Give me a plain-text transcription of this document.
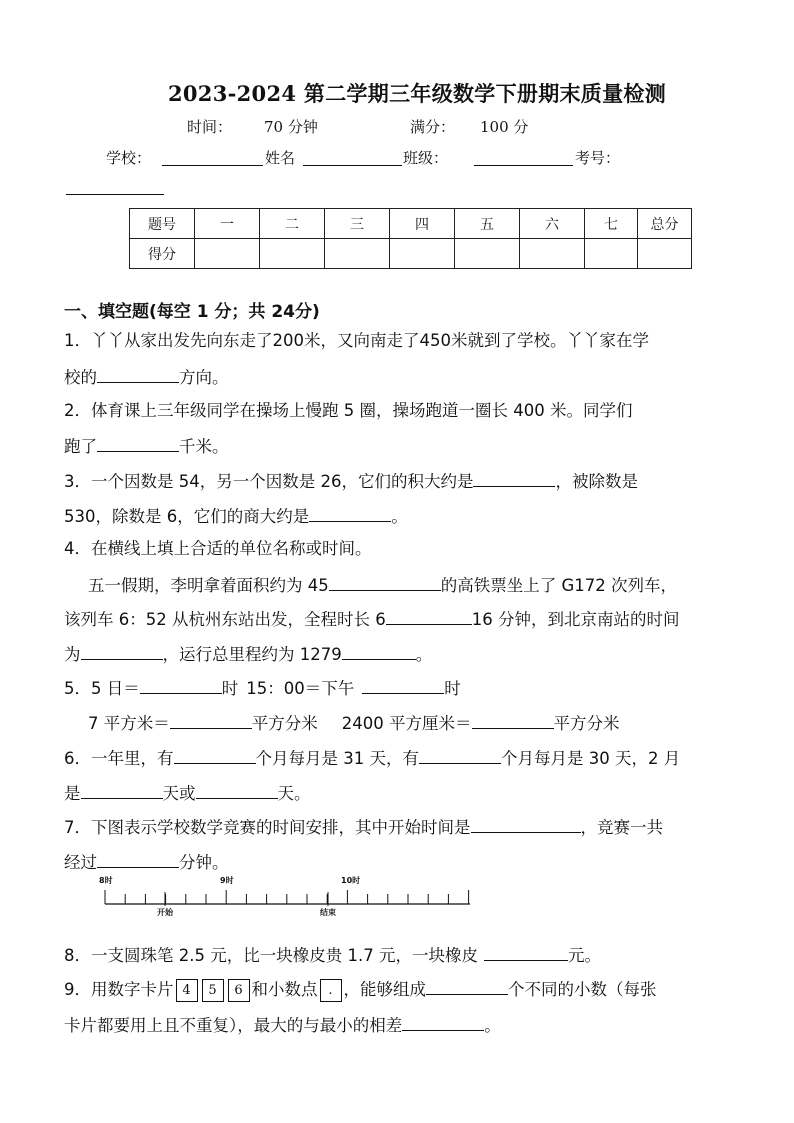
2023-2024 第二学期三年级数学下册期末质量检测
时间： 70 分钟	满分： 100 分
学校：	姓名	班级：	考号：
题号	一	二	三	四	五	六	七	总分
得分								
一、填空题(每空 1 分；共 24分)
1．丫丫从家出发先向东走了200米，又向南走了450米就到了学校。丫丫家在学
校的	方向。
2．体育课上三年级同学在操场上慢跑 5 圈，操场跑道一圈长 400 米。同学们
跑了	千米。
3．一个因数是 54，另一个因数是 26，它们的积大约是	，被除数是
530，除数是 6，它们的商大约是	。
4．在横线上填上合适的单位名称或时间。
五一假期，李明拿着面积约为 45	的高铁票坐上了 G172 次列车，
该列车 6：52 从杭州东站出发，全程时长 6	16 分钟，到北京南站的时间
为	，运行总里程约为 1279	。
5．5 日＝	时 15：00＝下午	时
7 平方米＝	平方分米 2400 平方厘米＝	平方分米
6．一年里，有	个月每月是 31 天，有	个月每月是 30 天，2 月
是	天或	天。
7．下图表示学校数学竞赛的时间安排，其中开始时间是	，竞赛一共
经过	分钟。
8时	9时	10时
开始	结束
8．一支圆珠笔 2.5 元，比一块橡皮贵 1.7 元，一块橡皮	元。
9．用数字卡片 4 5 6 和小数点 . ，能够组成	个不同的小数（每张
卡片都要用上且不重复），最大的与最小的相差	。
